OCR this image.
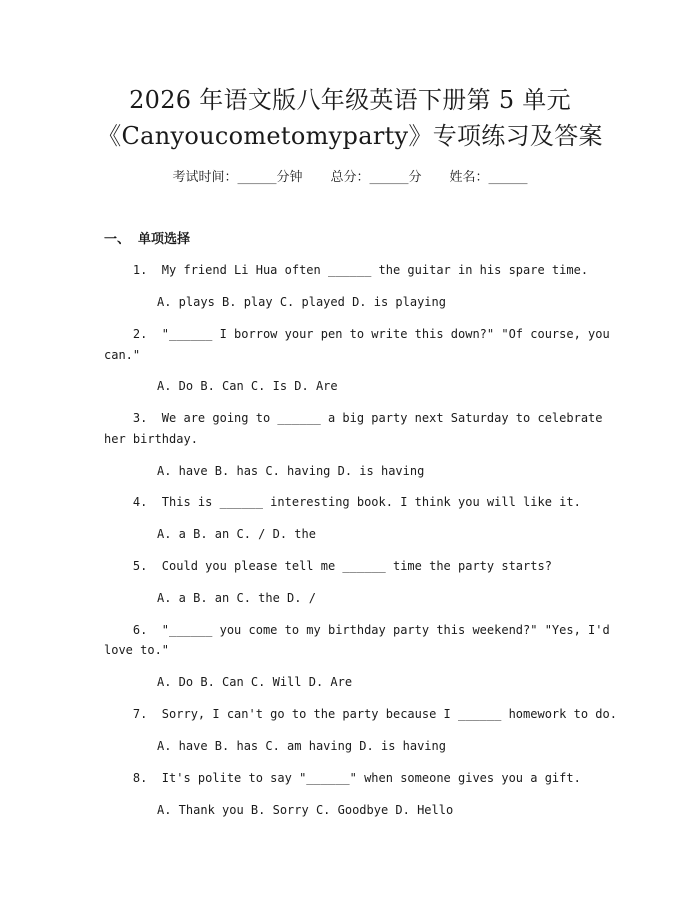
2026 年语文版八年级英语下册第 5 单元
《Canyoucometomyparty》专项练习及答案
考试时间：______分钟 总分：______分 姓名：______
一、 单项选择
1.  My friend Li Hua often ______ the guitar in his spare time.
A. plays B. play C. played D. is playing
2.  "______ I borrow your pen to write this down?" "Of course, you
can."
A. Do B. Can C. Is D. Are
3.  We are going to ______ a big party next Saturday to celebrate
her birthday.
A. have B. has C. having D. is having
4.  This is ______ interesting book. I think you will like it.
A. a B. an C. / D. the
5.  Could you please tell me ______ time the party starts?
A. a B. an C. the D. /
6.  "______ you come to my birthday party this weekend?" "Yes, I'd
love to."
A. Do B. Can C. Will D. Are
7.  Sorry, I can't go to the party because I ______ homework to do.
A. have B. has C. am having D. is having
8.  It's polite to say "______" when someone gives you a gift.
A. Thank you B. Sorry C. Goodbye D. Hello
